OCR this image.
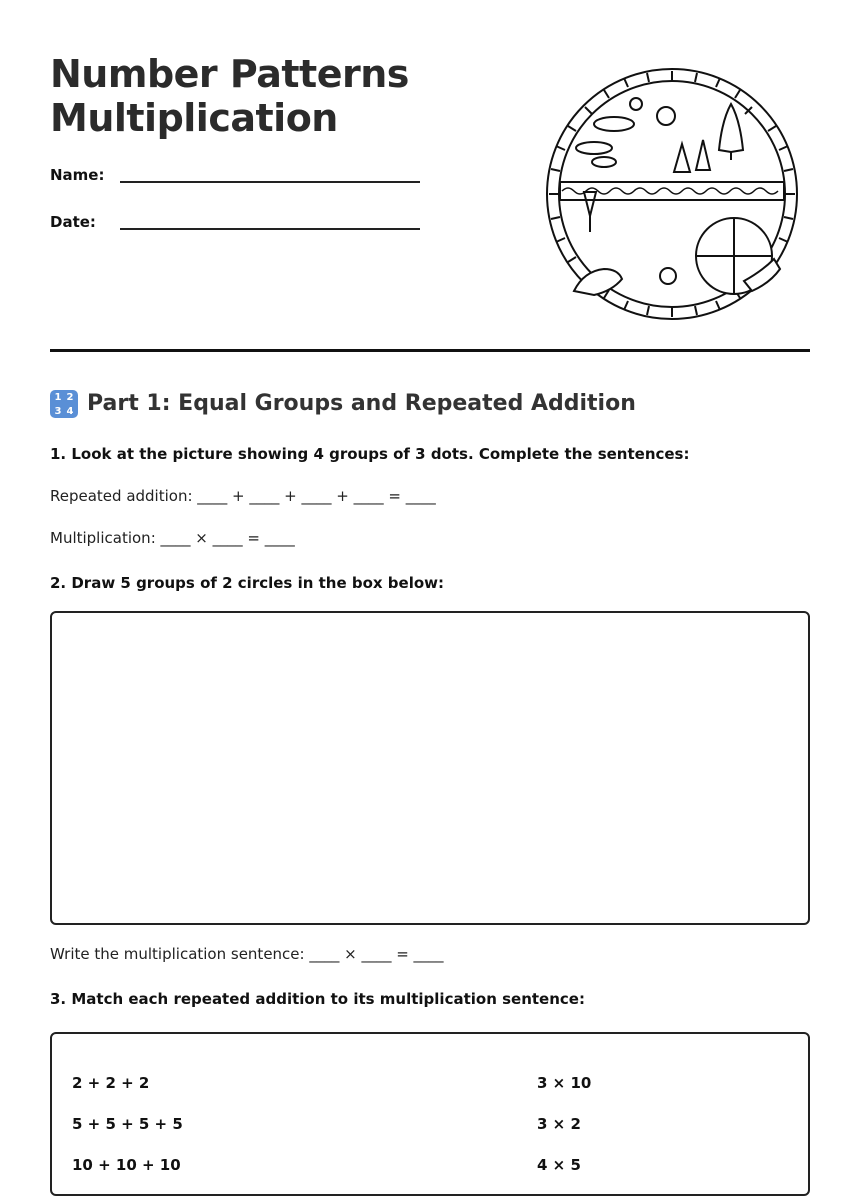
Number Patterns
Multiplication
Name:
Date:
1 2
3 4 Part 1: Equal Groups and Repeated Addition
1. Look at the picture showing 4 groups of 3 dots. Complete the sentences:
Repeated addition: ____ + ____ + ____ + ____ = ____
Multiplication: ____ × ____ = ____
2. Draw 5 groups of 2 circles in the box below:
Write the multiplication sentence: ____ × ____ = ____
3. Match each repeated addition to its multiplication sentence:
2 + 2 + 2
5 + 5 + 5 + 5
10 + 10 + 10
3 × 10
3 × 2
4 × 5
